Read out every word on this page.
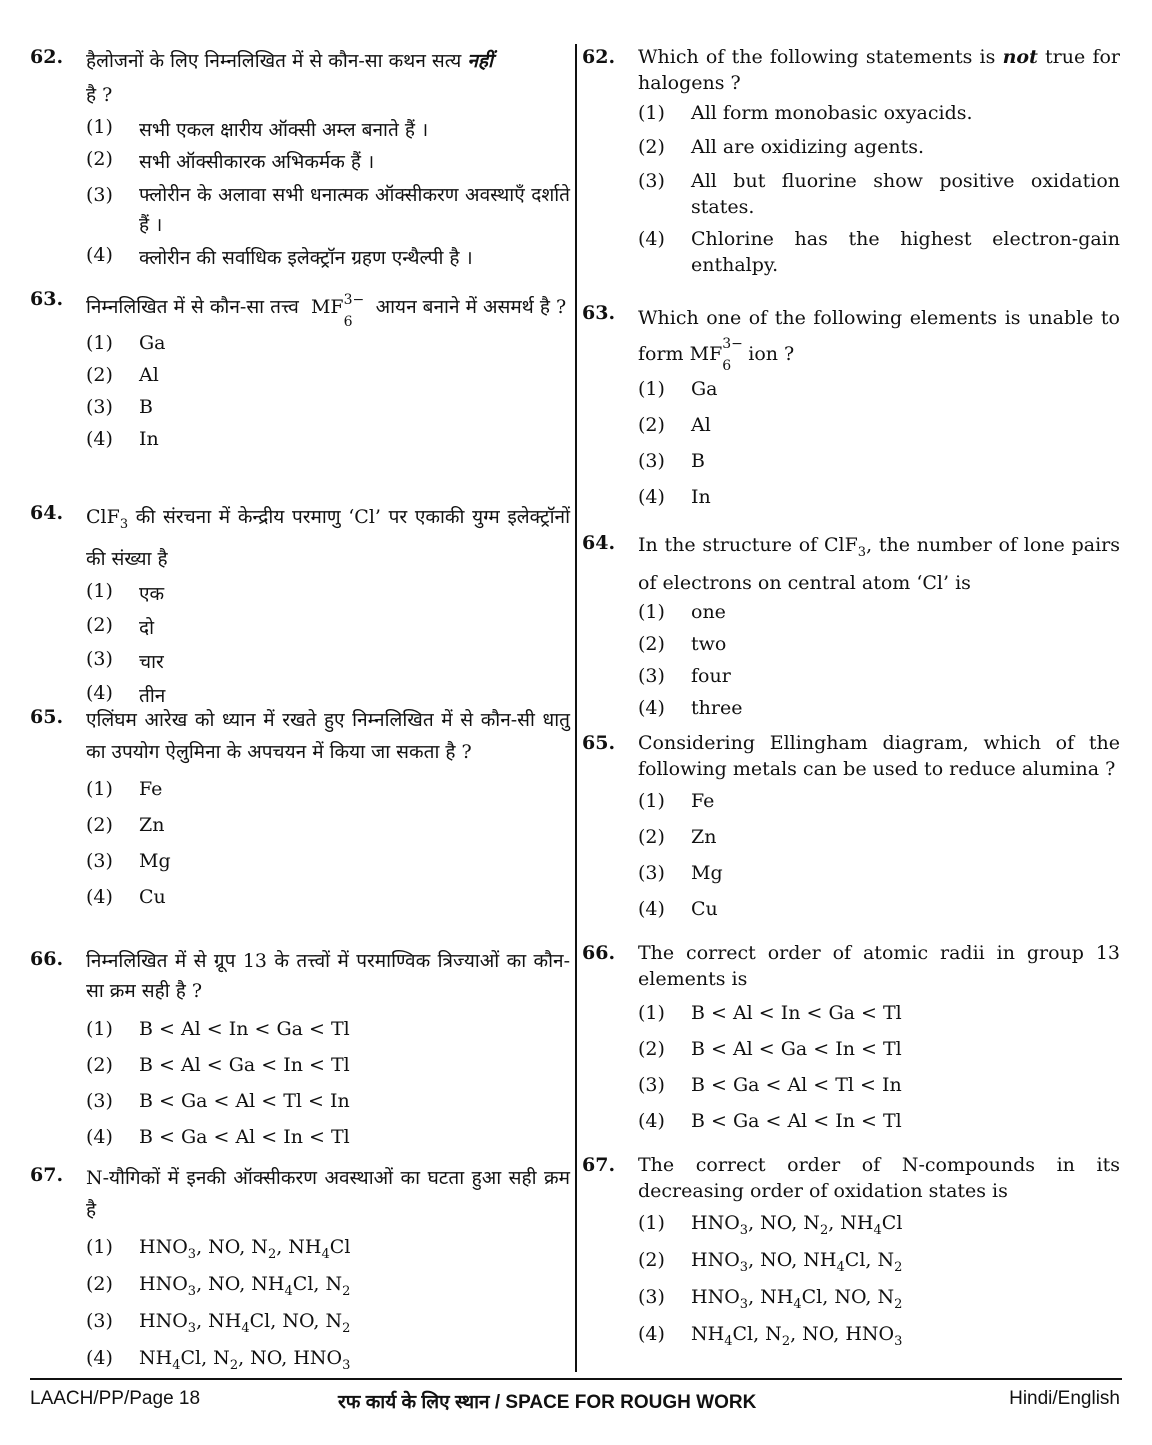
62.	हैलोजनों के लिए निम्नलिखित में से कौन-सा कथन सत्य नहीं
है ?
(1)	सभी एकल क्षारीय ऑक्सी अम्ल बनाते हैं ।
(2)	सभी ऑक्सीकारक अभिकर्मक हैं ।
(3)	फ्लोरीन के अलावा सभी धनात्मक ऑक्सीकरण अवस्थाएँ दर्शाते हैं ।
(4)	क्लोरीन की सर्वाधिक इलेक्ट्रॉन ग्रहण एन्थैल्पी है ।
63.	निम्नलिखित में से कौन-सा तत्त्व MF 3−
6
आयन बनाने में असमर्थ है ?
(1)	Ga
(2)	Al
(3)	B
(4)	In
64.	ClF$_3$ की संरचना में केन्द्रीय परमाणु ‘Cl’ पर एकाकी युग्म इलेक्ट्रॉनों की संख्या है
(1)	एक
(2)	दो
(3)	चार
(4)	तीन
65.	एलिंघम आरेख को ध्यान में रखते हुए निम्नलिखित में से कौन-सी धातु का उपयोग ऐलुमिना के अपचयन में किया जा सकता है ?
(1)	Fe
(2)	Zn
(3)	Mg
(4)	Cu
66.	निम्नलिखित में से ग्रूप 13 के तत्त्वों में परमाण्विक त्रिज्याओं का कौन-सा क्रम सही है ?
(1)	B < Al < In < Ga < Tl
(2)	B < Al < Ga < In < Tl
(3)	B < Ga < Al < Tl < In
(4)	B < Ga < Al < In < Tl
67.	N-यौगिकों में इनकी ऑक्सीकरण अवस्थाओं का घटता हुआ सही क्रम है
(1)	$HNO_3$, NO, $N_2$, $NH_4Cl$
(2)	$HNO_3$, NO, $NH_4Cl$, $N_2$
(3)	$HNO_3$, $NH_4Cl$, NO, $N_2$
(4)	$NH_4Cl$, $N_2$, NO, $HNO_3$
62.	Which of the following statements is not true for halogens ?
(1)	All form monobasic oxyacids.
(2)	All are oxidizing agents.
(3)	All but fluorine show positive oxidation states.
(4)	Chlorine has the highest electron-gain enthalpy.
63.	Which one of the following elements is unable to form MF 3−
6
ion ?
(1)	Ga
(2)	Al
(3)	B
(4)	In
64.	In the structure of ClF$_3$, the number of lone pairs of electrons on central atom ‘Cl’ is
(1)	one
(2)	two
(3)	four
(4)	three
65.	Considering Ellingham diagram, which of the following metals can be used to reduce alumina ?
(1)	Fe
(2)	Zn
(3)	Mg
(4)	Cu
66.	The correct order of atomic radii in group 13 elements is
(1)	B < Al < In < Ga < Tl
(2)	B < Al < Ga < In < Tl
(3)	B < Ga < Al < Tl < In
(4)	B < Ga < Al < In < Tl
67.	The correct order of N-compounds in its decreasing order of oxidation states is
(1)	$HNO_3$, NO, $N_2$, $NH_4Cl$
(2)	$HNO_3$, NO, $NH_4Cl$, $N_2$
(3)	$HNO_3$, $NH_4Cl$, NO, $N_2$
(4)	$NH_4Cl$, $N_2$, NO, $HNO_3$
LAACH/PP/Page 18	रफ कार्य के लिए स्थान / SPACE FOR ROUGH WORK	Hindi/English
